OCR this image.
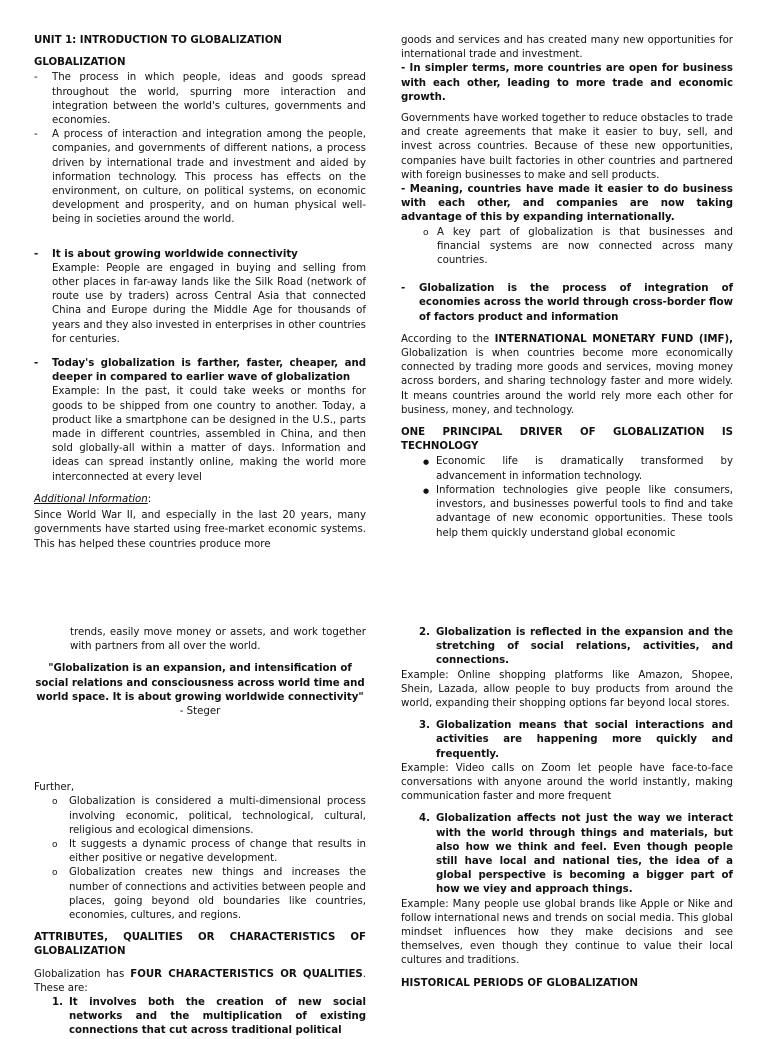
UNIT 1: INTRODUCTION TO GLOBALIZATION

GLOBALIZATION

- The process in which people, ideas and goods spread throughout the world, spurring more interaction and integration between the world's cultures, governments and economies.
- A process of interaction and integration among the people, companies, and governments of different nations, a process driven by international trade and investment and aided by information technology. This process has effects on the environment, on culture, on political systems, on economic development and prosperity, and on human physical well-being in societies around the world.
- It is about growing worldwide connectivity
Example: People are engaged in buying and selling from other places in far-away lands like the Silk Road (network of route use by traders) across Central Asia that connected China and Europe during the Middle Age for thousands of years and they also invested in enterprises in other countries for centuries.
- Today's globalization is farther, faster, cheaper, and deeper in compared to earlier wave of globalization
Example: In the past, it could take weeks or months for goods to be shipped from one country to another. Today, a product like a smartphone can be designed in the U.S., parts made in different countries, assembled in China, and then sold globally-all within a matter of days. Information and ideas can spread instantly online, making the world more interconnected at every level

Additional Information:

Since World War II, and especially in the last 20 years, many governments have started using free-market economic systems. This has helped these countries produce more

goods and services and has created many new opportunities for international trade and investment.

- In simpler terms, more countries are open for business with each other, leading to more trade and economic growth.

Governments have worked together to reduce obstacles to trade and create agreements that make it easier to buy, sell, and invest across countries. Because of these new opportunities, companies have built factories in other countries and partnered with foreign businesses to make and sell products.

- Meaning, countries have made it easier to do business with each other, and companies are now taking advantage of this by expanding internationally.

o A key part of globalization is that businesses and financial systems are now connected across many countries.
- Globalization is the process of integration of economies across the world through cross-border flow of factors product and information

According to the INTERNATIONAL MONETARY FUND (IMF), Globalization is when countries become more economically connected by trading more goods and services, moving money across borders, and sharing technology faster and more widely. It means countries around the world rely more each other for business, money, and technology.

ONE PRINCIPAL DRIVER OF GLOBALIZATION IS TECHNOLOGY

● Economic life is dramatically transformed by advancement in information technology.
● Information technologies give people like consumers, investors, and businesses powerful tools to find and take advantage of new economic opportunities. These tools help them quickly understand global economic

trends, easily move money or assets, and work together with partners from all over the world.

"Globalization is an expansion, and intensification of social relations and consciousness across world time and world space. It is about growing worldwide connectivity" - Steger

Further,

o Globalization is considered a multi-dimensional process involving economic, political, technological, cultural, religious and ecological dimensions.
o It suggests a dynamic process of change that results in either positive or negative development.
o Globalization creates new things and increases the number of connections and activities between people and places, going beyond old boundaries like countries, economies, cultures, and regions.

ATTRIBUTES, QUALITIES OR CHARACTERISTICS OF GLOBALIZATION

Globalization has FOUR CHARACTERISTICS OR QUALITIES. These are:

1. It involves both the creation of new social networks and the multiplication of existing connections that cut across traditional political
2. Globalization is reflected in the expansion and the stretching of social relations, activities, and connections.

Example: Online shopping platforms like Amazon, Shopee, Shein, Lazada, allow people to buy products from around the world, expanding their shopping options far beyond local stores.

3. Globalization means that social interactions and activities are happening more quickly and frequently.

Example: Video calls on Zoom let people have face-to-face conversations with anyone around the world instantly, making communication faster and more frequent

4. Globalization affects not just the way we interact with the world through things and materials, but also how we think and feel. Even though people still have local and national ties, the idea of a global perspective is becoming a bigger part of how we viey and approach things.

Example: Many people use global brands like Apple or Nike and follow international news and trends on social media. This global mindset influences how they make decisions and see themselves, even though they continue to value their local cultures and traditions.

HISTORICAL PERIODS OF GLOBALIZATION
